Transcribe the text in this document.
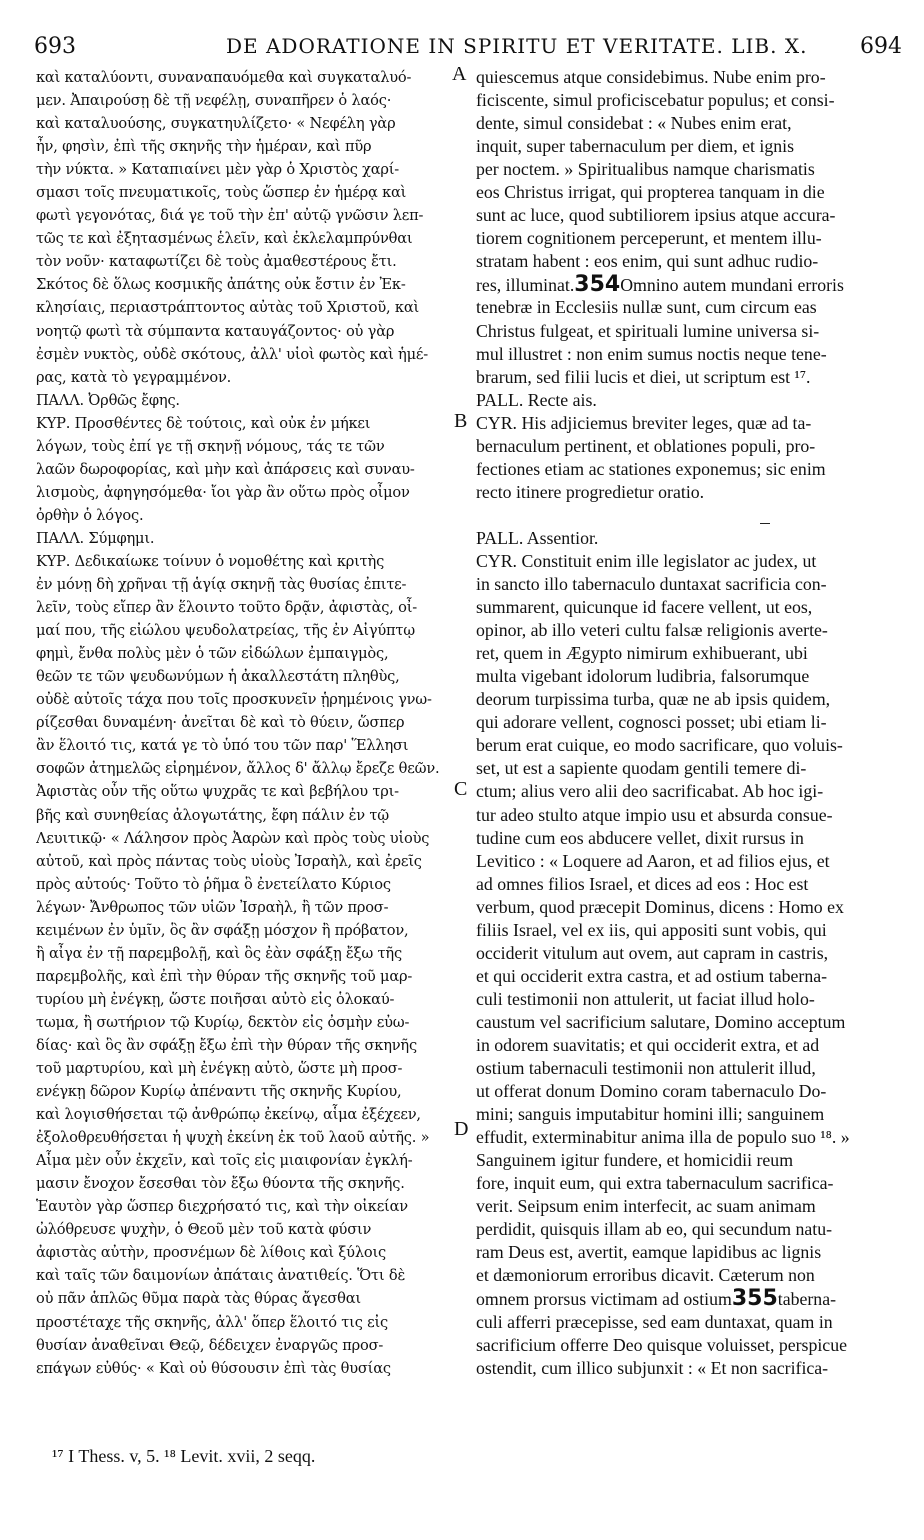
693	DE ADORATIONE IN SPIRITU ET VERITATE. LIB. X. 694
καὶ καταλύοντι, συναναπαυόμεθα καὶ συγκαταλυό-
μεν. Ἀπαιρούσῃ δὲ τῇ νεφέλῃ, συναπῆρεν ὁ λαός·
καὶ καταλυούσης, συγκατηυλίζετο· « Νεφέλη γὰρ
ἦν, φησὶν, ἐπὶ τῆς σκηνῆς τὴν ἡμέραν, καὶ πῦρ
τὴν νύκτα. » Καταπιαίνει μὲν γὰρ ὁ Χριστὸς χαρί-
σμασι τοῖς πνευματικοῖς, τοὺς ὥσπερ ἐν ἡμέρᾳ καὶ
φωτὶ γεγονότας, διά γε τοῦ τὴν ἐπ' αὐτῷ γνῶσιν λεπ-
τῶς τε καὶ ἐξητασμένως ἑλεῖν, καὶ ἐκλελαμπρύνθαι
τὸν νοῦν· καταφωτίζει δὲ τοὺς ἀμαθεστέρους ἔτι.
Σκότος δὲ ὅλως κοσμικῆς ἀπάτης οὐκ ἔστιν ἐν Ἐκ-
κλησίαις, περιαστράπτοντος αὐτὰς τοῦ Χριστοῦ, καὶ
νοητῷ φωτὶ τὰ σύμπαντα καταυγάζοντος· οὐ γὰρ
ἐσμὲν νυκτὸς, οὐδὲ σκότους, ἀλλ' υἱοὶ φωτὸς καὶ ἡμέ-
ρας, κατὰ τὸ γεγραμμένον.
ΠΑΛΛ. Ὀρθῶς ἔφης.
ΚΥΡ. Προσθέντες δὲ τούτοις, καὶ οὐκ ἐν μήκει
λόγων, τοὺς ἐπί γε τῇ σκηνῇ νόμους, τάς τε τῶν
λαῶν δωροφορίας, καὶ μὴν καὶ ἀπάρσεις καὶ συναυ-
λισμοὺς, ἀφηγησόμεθα· ἴοι γὰρ ἂν οὕτω πρὸς οἶμον
ὀρθὴν ὁ λόγος.
ΠΑΛΛ. Σύμφημι.
ΚΥΡ. Δεδικαίωκε τοίνυν ὁ νομοθέτης καὶ κριτὴς
ἐν μόνῃ δὴ χρῆναι τῇ ἁγίᾳ σκηνῇ τὰς θυσίας ἐπιτε-
λεῖν, τοὺς εἴπερ ἂν ἕλοιντο τοῦτο δρᾷν, ἀφιστὰς, οἶ-
μαί που, τῆς εἰώλου ψευδολατρείας, τῆς ἐν Αἰγύπτῳ
φημὶ, ἔνθα πολὺς μὲν ὁ τῶν εἰδώλων ἐμπαιγμὸς,
θεῶν τε τῶν ψευδωνύμων ἡ ἀκαλλεστάτη πληθὺς,
οὐδὲ αὐτοῖς τάχα που τοῖς προσκυνεῖν ᾑρημένοις γνω-
ρίζεσθαι δυναμένη· ἀνεῖται δὲ καὶ τὸ θύειν, ὥσπερ
ἂν ἕλοιτό τις, κατά γε τὸ ὑπό του τῶν παρ' Ἕλλησι
σοφῶν ἀτημελῶς εἰρημένον, ἄλλος δ' ἄλλῳ ἔρεζε θεῶν.
Ἀφιστὰς οὖν τῆς οὕτω ψυχρᾶς τε καὶ βεβήλου τρι-
βῆς καὶ συνηθείας ἀλογωτάτης, ἔφη πάλιν ἐν τῷ
Λευιτικῷ· « Λάλησον πρὸς Ἀαρὼν καὶ πρὸς τοὺς υἱοὺς
αὐτοῦ, καὶ πρὸς πάντας τοὺς υἱοὺς Ἰσραὴλ, καὶ ἐρεῖς
πρὸς αὐτούς· Τοῦτο τὸ ῥῆμα ὃ ἐνετείλατο Κύριος
λέγων· Ἄνθρωπος τῶν υἱῶν Ἰσραὴλ, ἢ τῶν προσ-
κειμένων ἐν ὑμῖν, ὃς ἂν σφάξῃ μόσχον ἢ πρόβατον,
ἢ αἶγα ἐν τῇ παρεμβολῇ, καὶ ὃς ἐὰν σφάξῃ ἔξω τῆς
παρεμβολῆς, καὶ ἐπὶ τὴν θύραν τῆς σκηνῆς τοῦ μαρ-
τυρίου μὴ ἐνέγκῃ, ὥστε ποιῆσαι αὐτὸ εἰς ὁλοκαύ-
τωμα, ἢ σωτήριον τῷ Κυρίῳ, δεκτὸν εἰς ὀσμὴν εὐω-
δίας· καὶ ὃς ἂν σφάξῃ ἔξω ἐπὶ τὴν θύραν τῆς σκηνῆς
τοῦ μαρτυρίου, καὶ μὴ ἐνέγκῃ αὐτὸ, ὥστε μὴ προσ-
ενέγκῃ δῶρον Κυρίῳ ἀπέναντι τῆς σκηνῆς Κυρίου,
καὶ λογισθήσεται τῷ ἀνθρώπῳ ἐκείνῳ, αἷμα ἐξέχεεν,
ἐξολοθρευθήσεται ἡ ψυχὴ ἐκείνη ἐκ τοῦ λαοῦ αὐτῆς. »
Αἷμα μὲν οὖν ἐκχεῖν, καὶ τοῖς εἰς μιαιφονίαν ἐγκλή-
μασιν ἔνοχον ἔσεσθαι τὸν ἔξω θύοντα τῆς σκηνῆς.
Ἑαυτὸν γὰρ ὥσπερ διεχρήσατό τις, καὶ τὴν οἰκείαν
ὠλόθρευσε ψυχὴν, ὁ Θεοῦ μὲν τοῦ κατὰ φύσιν
ἀφιστὰς αὐτὴν, προσνέμων δὲ λίθοις καὶ ξύλοις
καὶ ταῖς τῶν δαιμονίων ἀπάταις ἀνατιθείς. Ὅτι δὲ
οὐ πᾶν ἁπλῶς θῦμα παρὰ τὰς θύρας ἄγεσθαι
προστέταχε τῆς σκηνῆς, ἀλλ' ὅπερ ἕλοιτό τις εἰς
θυσίαν ἀναθεῖναι Θεῷ, δέδειχεν ἐναργῶς προσ-
επάγων εὐθύς· « Καὶ οὐ θύσουσιν ἐπὶ τὰς θυσίας
quiescemus atque considebimus. Nube enim pro-
ficiscente, simul proficiscebatur populus; et consi-
dente, simul considebat : « Nubes enim erat,
inquit, super tabernaculum per diem, et ignis
per noctem. » Spiritualibus namque charismatis
eos Christus irrigat, qui propterea tanquam in die
sunt ac luce, quod subtiliorem ipsius atque accura-
tiorem cognitionem perceperunt, et mentem illu-
stratam habent : eos enim, qui sunt adhuc rudio-
res, illuminat.354Omnino autem mundani erroris
tenebræ in Ecclesiis nullæ sunt, cum circum eas
Christus fulgeat, et spirituali lumine universa si-
mul illustret : non enim sumus noctis neque tene-
brarum, sed filii lucis et diei, ut scriptum est ¹⁷.
PALL. Recte ais.
CYR. His adjiciemus breviter leges, quæ ad ta-
bernaculum pertinent, et oblationes populi, pro-
fectiones etiam ac stationes exponemus; sic enim
recto itinere progredietur oratio.
PALL. Assentior.
CYR. Constituit enim ille legislator ac judex, ut
in sancto illo tabernaculo duntaxat sacrificia con-
summarent, quicunque id facere vellent, ut eos,
opinor, ab illo veteri cultu falsæ religionis averte-
ret, quem in Ægypto nimirum exhibuerant, ubi
multa vigebant idolorum ludibria, falsorumque
deorum turpissima turba, quæ ne ab ipsis quidem,
qui adorare vellent, cognosci posset; ubi etiam li-
berum erat cuique, eo modo sacrificare, quo voluis-
set, ut est a sapiente quodam gentili temere di-
ctum; alius vero alii deo sacrificabat. Ab hoc igi-
tur adeo stulto atque impio usu et absurda consue-
tudine cum eos abducere vellet, dixit rursus in
Levitico : « Loquere ad Aaron, et ad filios ejus, et
ad omnes filios Israel, et dices ad eos : Hoc est
verbum, quod præcepit Dominus, dicens : Homo ex
filiis Israel, vel ex iis, qui appositi sunt vobis, qui
occiderit vitulum aut ovem, aut capram in castris,
et qui occiderit extra castra, et ad ostium taberna-
culi testimonii non attulerit, ut faciat illud holo-
caustum vel sacrificium salutare, Domino acceptum
in odorem suavitatis; et qui occiderit extra, et ad
ostium tabernaculi testimonii non attulerit illud,
ut offerat donum Domino coram tabernaculo Do-
mini; sanguis imputabitur homini illi; sanguinem
effudit, exterminabitur anima illa de populo suo ¹⁸. »
Sanguinem igitur fundere, et homicidii reum
fore, inquit eum, qui extra tabernaculum sacrifica-
verit. Seipsum enim interfecit, ac suam animam
perdidit, quisquis illam ab eo, qui secundum natu-
ram Deus est, avertit, eamque lapidibus ac lignis
et dæmoniorum erroribus dicavit. Cæterum non
omnem prorsus victimam ad ostium355taberna-
culi afferri præcepisse, sed eam duntaxat, quam in
sacrificium offerre Deo quisque voluisset, perspicue
ostendit, cum illico subjunxit : « Et non sacrifica-
A
B
C
D
¹⁷ I Thess. v, 5. ¹⁸ Levit. xvii, 2 seqq.
